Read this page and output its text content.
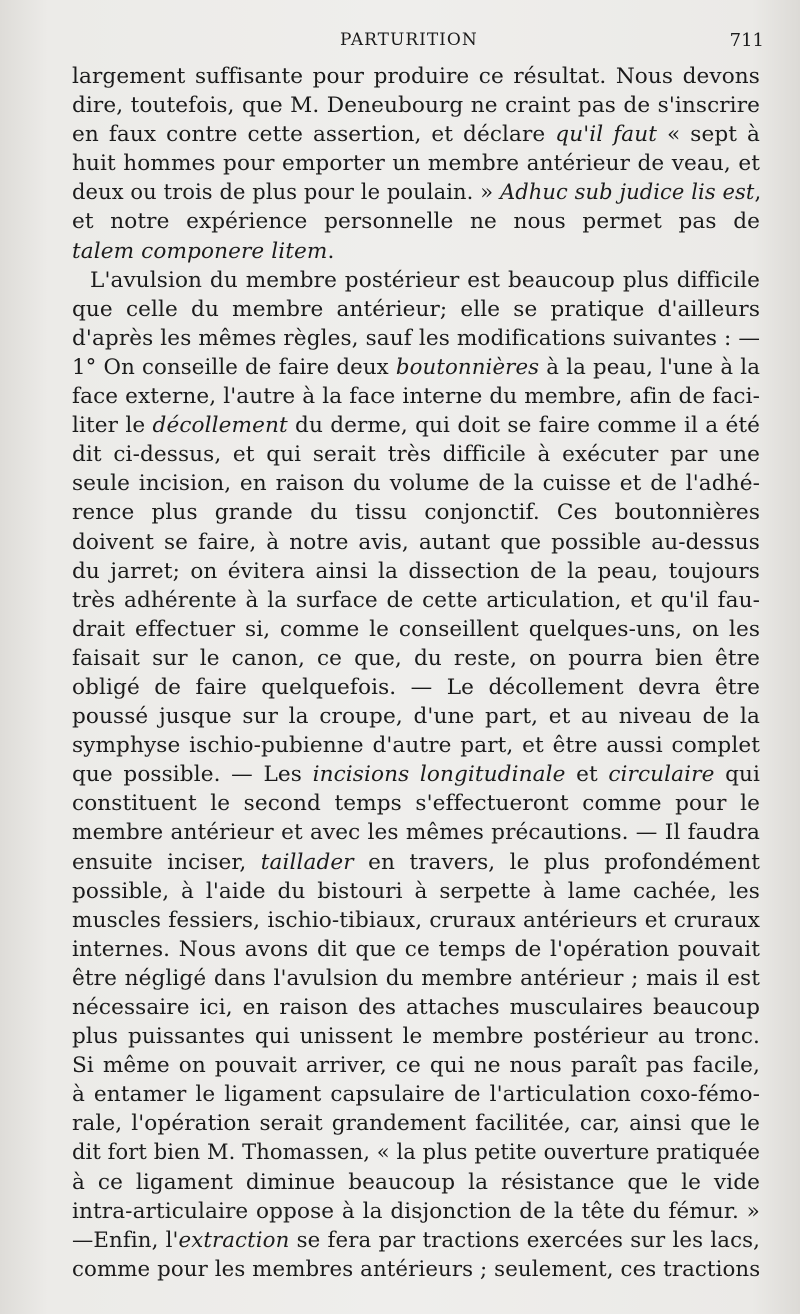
PARTURITION	711
largement suffisante pour produire ce résultat. Nous devons
dire, toutefois, que M. Deneubourg ne craint pas de s'inscrire
en faux contre cette assertion, et déclare qu'il faut « sept à
huit hommes pour emporter un membre antérieur de veau, et
deux ou trois de plus pour le poulain. » Adhuc sub judice lis est,
et notre expérience personnelle ne nous permet pas de
talem componere litem.
L'avulsion du membre postérieur est beaucoup plus difficile
que celle du membre antérieur; elle se pratique d'ailleurs
d'après les mêmes règles, sauf les modifications suivantes : —
1° On conseille de faire deux boutonnières à la peau, l'une à la
face externe, l'autre à la face interne du membre, afin de faci-
liter le décollement du derme, qui doit se faire comme il a été
dit ci-dessus, et qui serait très difficile à exécuter par une
seule incision, en raison du volume de la cuisse et de l'adhé-
rence plus grande du tissu conjonctif. Ces boutonnières
doivent se faire, à notre avis, autant que possible au-dessus
du jarret; on évitera ainsi la dissection de la peau, toujours
très adhérente à la surface de cette articulation, et qu'il fau-
drait effectuer si, comme le conseillent quelques-uns, on les
faisait sur le canon, ce que, du reste, on pourra bien être
obligé de faire quelquefois. — Le décollement devra être
poussé jusque sur la croupe, d'une part, et au niveau de la
symphyse ischio-pubienne d'autre part, et être aussi complet
que possible. — Les incisions longitudinale et circulaire qui
constituent le second temps s'effectueront comme pour le
membre antérieur et avec les mêmes précautions. — Il faudra
ensuite inciser, taillader en travers, le plus profondément
possible, à l'aide du bistouri à serpette à lame cachée, les
muscles fessiers, ischio-tibiaux, cruraux antérieurs et cruraux
internes. Nous avons dit que ce temps de l'opération pouvait
être négligé dans l'avulsion du membre antérieur ; mais il est
nécessaire ici, en raison des attaches musculaires beaucoup
plus puissantes qui unissent le membre postérieur au tronc.
Si même on pouvait arriver, ce qui ne nous paraît pas facile,
à entamer le ligament capsulaire de l'articulation coxo-fémo-
rale, l'opération serait grandement facilitée, car, ainsi que le
dit fort bien M. Thomassen, « la plus petite ouverture pratiquée
à ce ligament diminue beaucoup la résistance que le vide
intra-articulaire oppose à la disjonction de la tête du fémur. »
—Enfin, l'extraction se fera par tractions exercées sur les lacs,
comme pour les membres antérieurs ; seulement, ces tractions
